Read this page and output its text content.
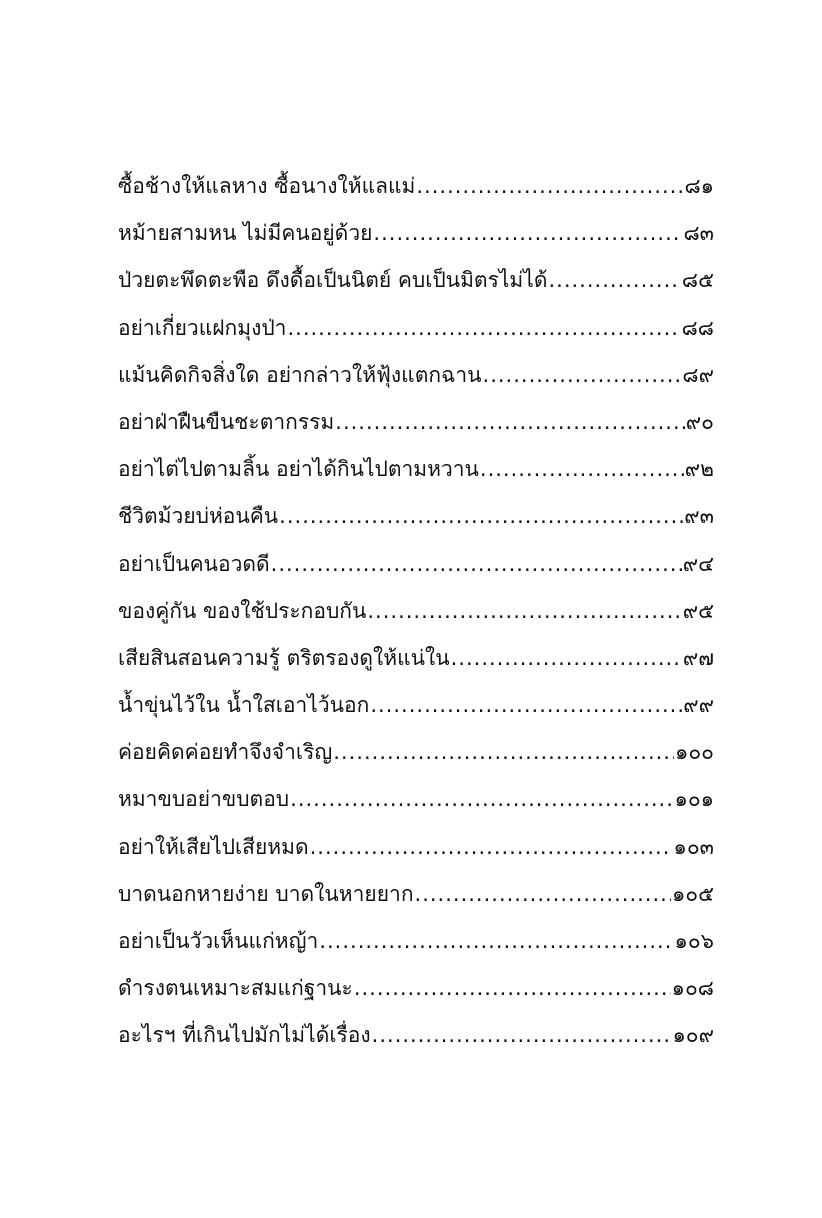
ซื้อช้างให้แลหาง ซื้อนางให้แลแม่ .....	๘๑
หม้ายสามหน ไม่มีคนอยู่ด้วย .....	๘๓
ป่วยตะพึดตะพือ ดึงดื้อเป็นนิตย์ คบเป็นมิตรไม่ได้ .....	๘๕
อย่าเกี่ยวแฝกมุงป่า .....	๘๘
แม้นคิดกิจสิ่งใด อย่ากล่าวให้ฟุ้งแตกฉาน .....	๘๙
อย่าฝ่าฝืนขืนชะตากรรม .....	๙๐
อย่าไต่ไปตามลิ้น อย่าได้กินไปตามหวาน .....	๙๒
ชีวิตม้วยบ่ห่อนคืน .....	๙๓
อย่าเป็นคนอวดดี .....	๙๔
ของคู่กัน ของใช้ประกอบกัน .....	๙๕
เสียสินสอนความรู้ ตริตรองดูให้แน่ใน .....	๙๗
น้ำขุ่นไว้ใน น้ำใสเอาไว้นอก .....	๙๙
ค่อยคิดค่อยทำจึงจำเริญ .....	๑๐๐
หมาขบอย่าขบตอบ .....	๑๐๑
อย่าให้เสียไปเสียหมด .....	๑๐๓
บาดนอกหายง่าย บาดในหายยาก .....	๑๐๕
อย่าเป็นวัวเห็นแก่หญ้า .....	๑๐๖
ดำรงตนเหมาะสมแก่ฐานะ .....	๑๐๘
อะไรฯ ที่เกินไปมักไม่ได้เรื่อง .....	๑๐๙
